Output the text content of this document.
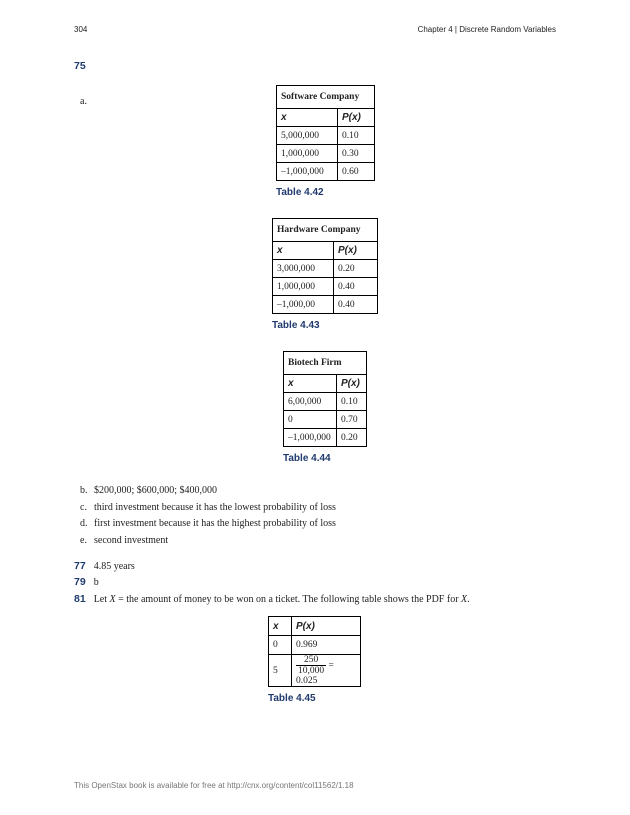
304	Chapter 4 | Discrete Random Variables
75
a.	Software Company	
x	P(x)
5,000,000	0.10
1,000,000	0.30
–1,000,000	0.60
Table 4.42
Hardware Company	
x	P(x)
3,000,000	0.20
1,000,000	0.40
–1,000,00	0.40
Table 4.43
Biotech Firm	
x	P(x)
6,00,000	0.10
0	0.70
–1,000,000	0.20
Table 4.44
b. $200,000; $600,000; $400,000
c. third investment because it has the lowest probability of loss
d. first investment because it has the highest probability of loss
e. second investment
77 4.85 years
79 b
81 Let X = the amount of money to be won on a ticket. The following table shows the PDF for X.
x	P(x)
0	0.969
5	$\frac{250}{10,000} = 0.025$
Table 4.45
This OpenStax book is available for free at http://cnx.org/content/col11562/1.18
